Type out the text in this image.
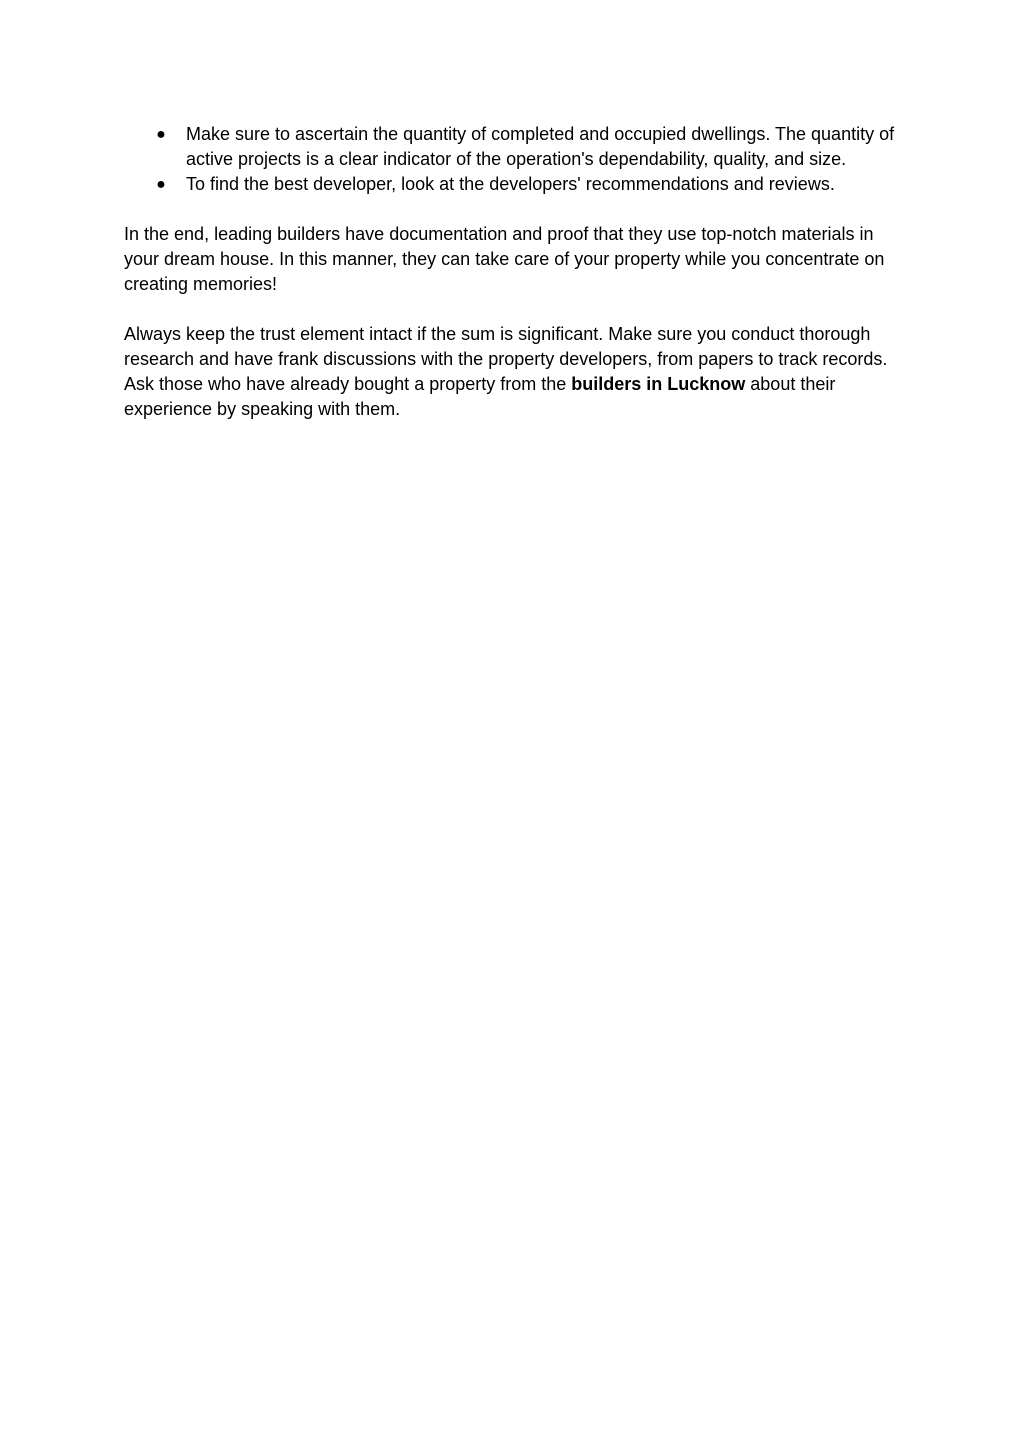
● Make sure to ascertain the quantity of completed and occupied dwellings. The quantity of active projects is a clear indicator of the operation's dependability, quality, and size.
● To find the best developer, look at the developers' recommendations and reviews.

In the end, leading builders have documentation and proof that they use top-notch materials in your dream house. In this manner, they can take care of your property while you concentrate on creating memories!

Always keep the trust element intact if the sum is significant. Make sure you conduct thorough research and have frank discussions with the property developers, from papers to track records. Ask those who have already bought a property from the builders in Lucknow about their experience by speaking with them.
